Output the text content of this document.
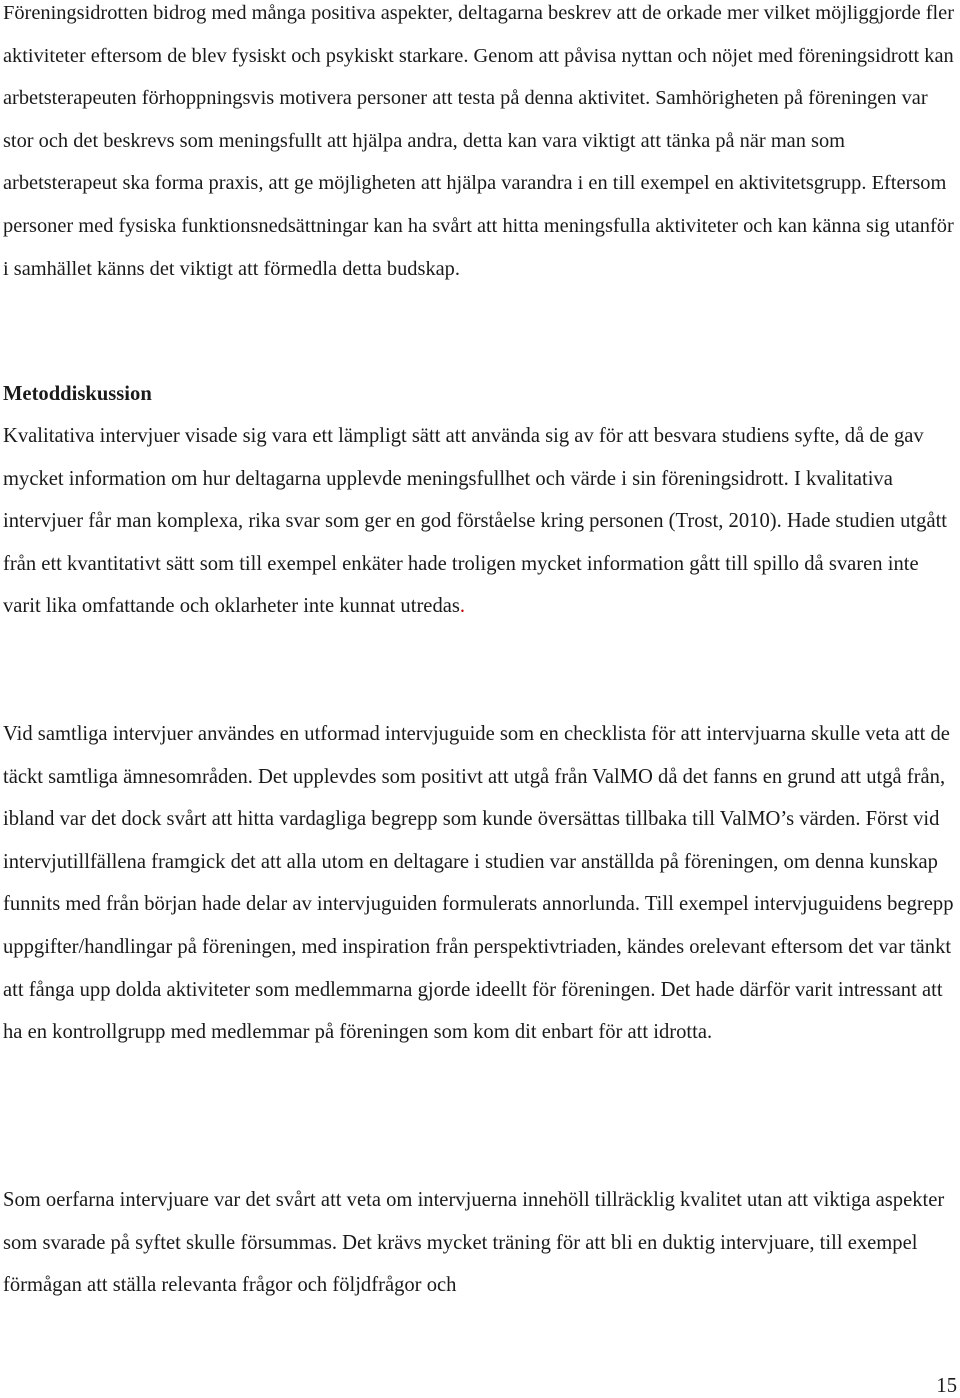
Föreningsidrotten bidrog med många positiva aspekter, deltagarna beskrev att de orkade mer vilket möjliggjorde fler aktiviteter eftersom de blev fysiskt och psykiskt starkare. Genom att påvisa nyttan och nöjet med föreningsidrott kan arbetsterapeuten förhoppningsvis motivera personer att testa på denna aktivitet. Samhörigheten på föreningen var stor och det beskrevs som meningsfullt att hjälpa andra, detta kan vara viktigt att tänka på när man som arbetsterapeut ska forma praxis, att ge möjligheten att hjälpa varandra i en till exempel en aktivitetsgrupp. Eftersom personer med fysiska funktionsnedsättningar kan ha svårt att hitta meningsfulla aktiviteter och kan känna sig utanför i samhället känns det viktigt att förmedla detta budskap.

Metoddiskussion

Kvalitativa intervjuer visade sig vara ett lämpligt sätt att använda sig av för att besvara studiens syfte, då de gav mycket information om hur deltagarna upplevde meningsfullhet och värde i sin föreningsidrott. I kvalitativa intervjuer får man komplexa, rika svar som ger en god förståelse kring personen (Trost, 2010). Hade studien utgått från ett kvantitativt sätt som till exempel enkäter hade troligen mycket information gått till spillo då svaren inte varit lika omfattande och oklarheter inte kunnat utredas.

Vid samtliga intervjuer användes en utformad intervjuguide som en checklista för att intervjuarna skulle veta att de täckt samtliga ämnesområden. Det upplevdes som positivt att utgå från ValMO då det fanns en grund att utgå från, ibland var det dock svårt att hitta vardagliga begrepp som kunde översättas tillbaka till ValMO’s värden. Först vid intervjutillfällena framgick det att alla utom en deltagare i studien var anställda på föreningen, om denna kunskap funnits med från början hade delar av intervjuguiden formulerats annorlunda. Till exempel intervjuguidens begrepp uppgifter/handlingar på föreningen, med inspiration från perspektivtriaden, kändes orelevant eftersom det var tänkt att fånga upp dolda aktiviteter som medlemmarna gjorde ideellt för föreningen. Det hade därför varit intressant att ha en kontrollgrupp med medlemmar på föreningen som kom dit enbart för att idrotta.

Som oerfarna intervjuare var det svårt att veta om intervjuerna innehöll tillräcklig kvalitet utan att viktiga aspekter som svarade på syftet skulle försummas. Det krävs mycket träning för att bli en duktig intervjuare, till exempel förmågan att ställa relevanta frågor och följdfrågor och

15
